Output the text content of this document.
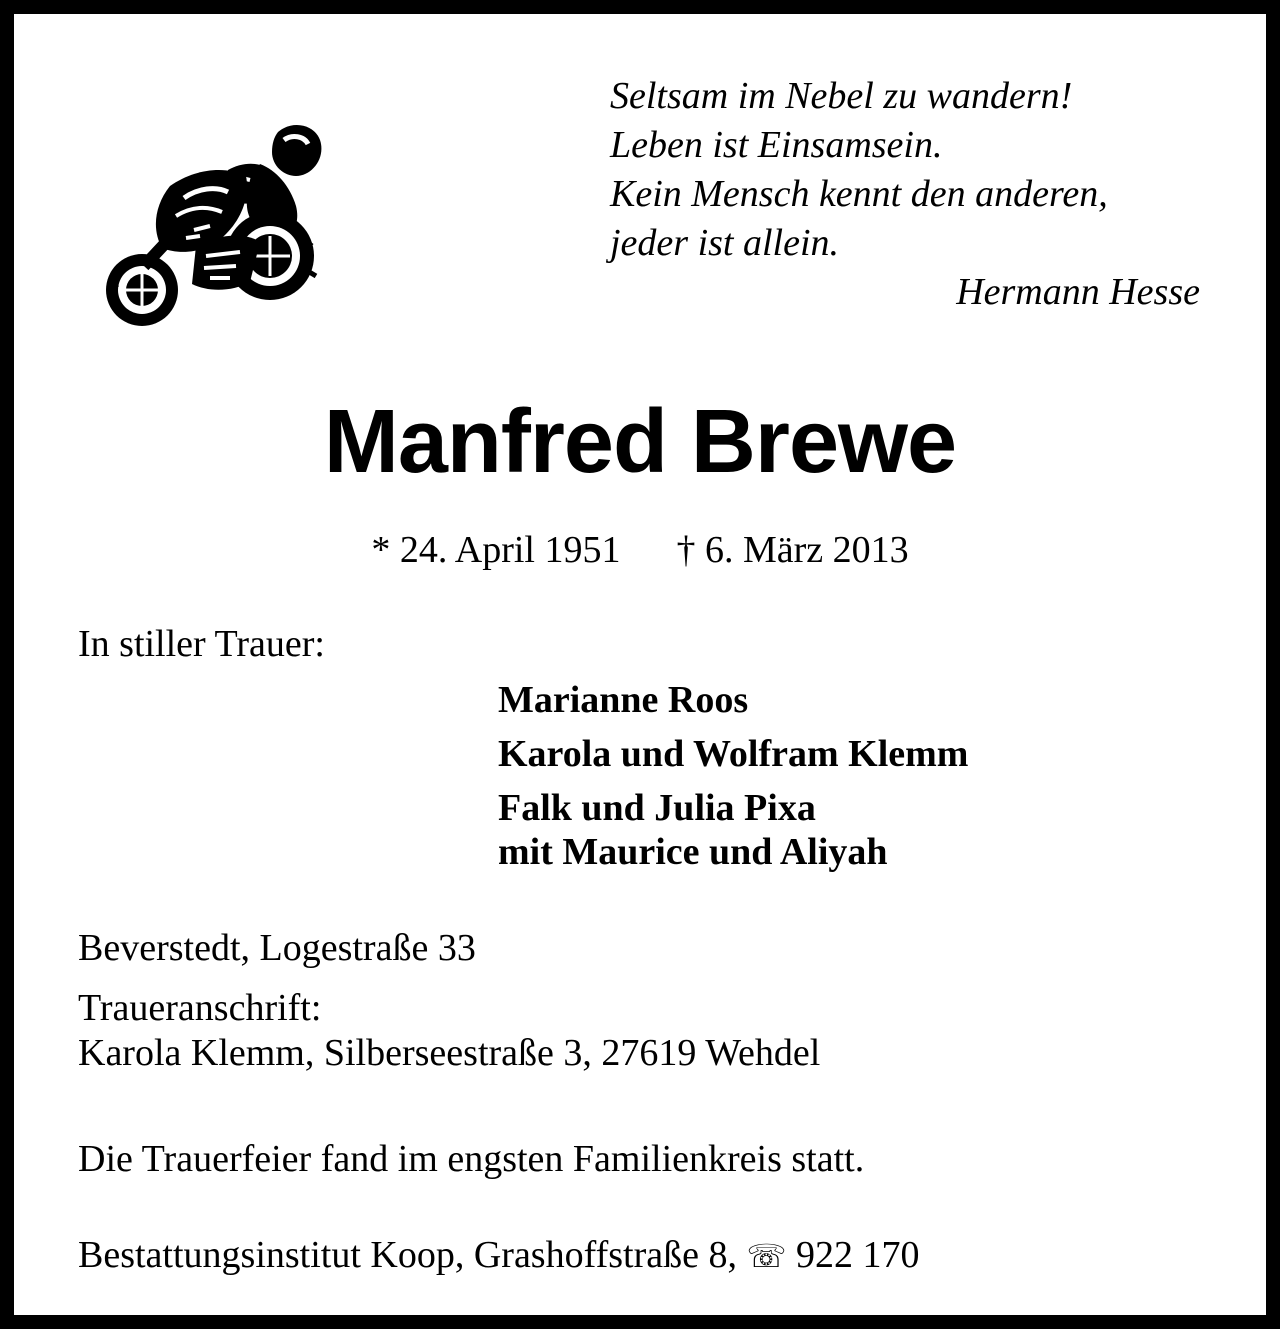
Seltsam im Nebel zu wandern!
Leben ist Einsamsein.
Kein Mensch kennt den anderen,
jeder ist allein.
Hermann Hesse
Manfred Brewe
* 24. April 1951 † 6. März 2013
In stiller Trauer:
Marianne Roos
Karola und Wolfram Klemm
Falk und Julia Pixa
mit Maurice und Aliyah
Beverstedt, Logestraße 33
Traueranschrift:
Karola Klemm, Silberseestraße 3, 27619 Wehdel
Die Trauerfeier fand im engsten Familienkreis statt.
Bestattungsinstitut Koop, Grashoffstraße 8, ☏ 922 170
